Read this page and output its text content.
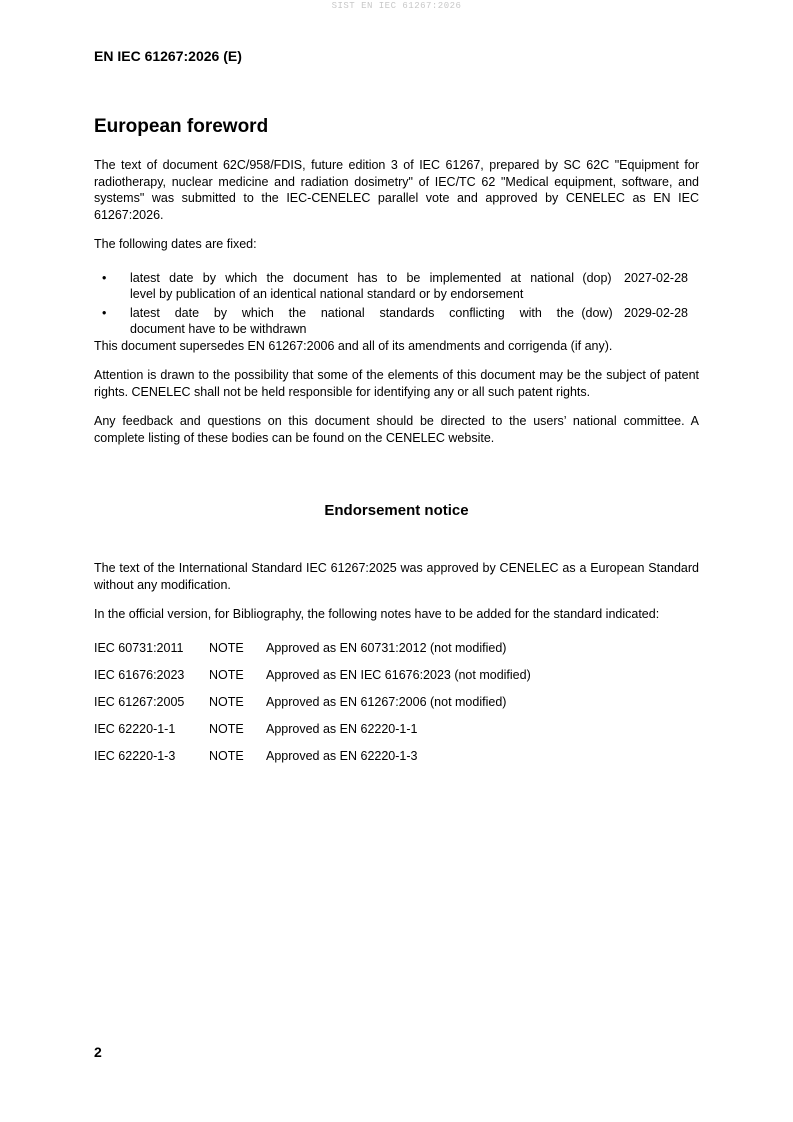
SIST EN IEC 61267:2026
EN IEC 61267:2026 (E)
European foreword

The text of document 62C/958/FDIS, future edition 3 of IEC 61267, prepared by SC 62C "Equipment for radiotherapy, nuclear medicine and radiation dosimetry" of IEC/TC 62 "Medical equipment, software, and systems" was submitted to the IEC-CENELEC parallel vote and approved by CENELEC as EN IEC 61267:2026.

The following dates are fixed:

•	latest date by which the document has to be implemented at national
level by publication of an identical national standard or by endorsement
(dop) 2027-02-28
•	latest date by which the national standards conflicting with the
document have to be withdrawn
(dow) 2029-02-28

This document supersedes EN 61267:2006 and all of its amendments and corrigenda (if any).

Attention is drawn to the possibility that some of the elements of this document may be the subject of patent rights. CENELEC shall not be held responsible for identifying any or all such patent rights.

Any feedback and questions on this document should be directed to the users’ national committee. A complete listing of these bodies can be found on the CENELEC website.

Endorsement notice

The text of the International Standard IEC 61267:2025 was approved by CENELEC as a European Standard without any modification.

In the official version, for Bibliography, the following notes have to be added for the standard indicated:

IEC 60731:2011	NOTE	Approved as EN 60731:2012 (not modified)
IEC 61676:2023	NOTE	Approved as EN IEC 61676:2023 (not modified)
IEC 61267:2005	NOTE	Approved as EN 61267:2006 (not modified)
IEC 62220-1-1	NOTE	Approved as EN 62220-1-1
IEC 62220-1-3	NOTE	Approved as EN 62220-1-3
2
